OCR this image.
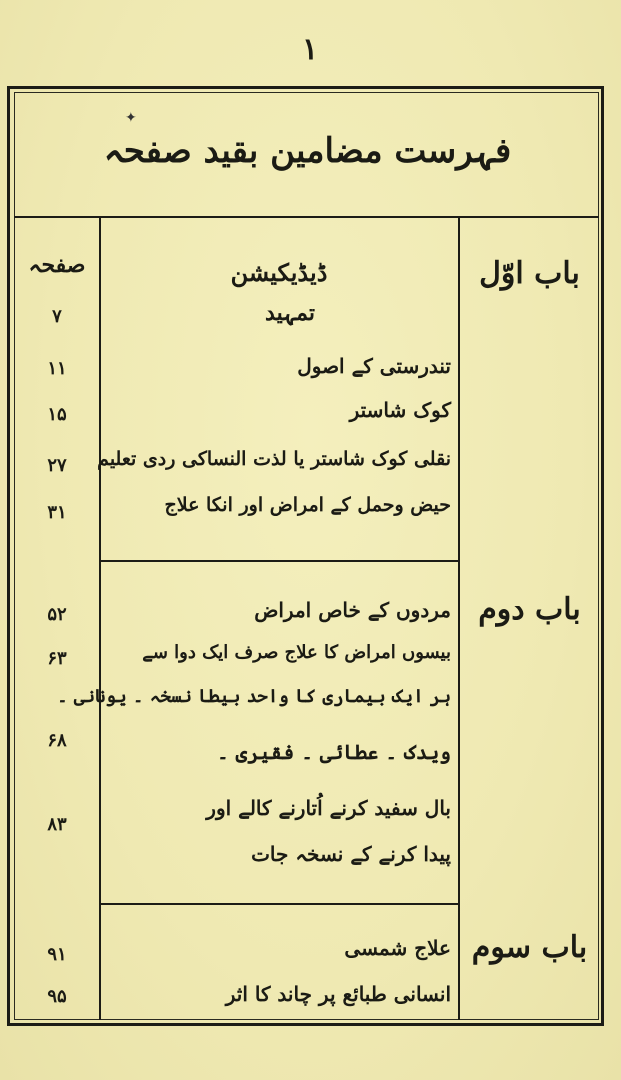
۱
✦
فہرست مضامین بقید صفحہ
صفحہ	باب اوّل
ڈیڈیکیشن
تمہید
۷
تندرستی کے اصول
۱۱
کوک شاستر
۱۵
نقلی کوک شاستر یا لذت النساکی ردی تعلیم
۲۷
حیض وحمل کے امراض اور انکا علاج
۳۱
باب دوم
مردوں کے خاص امراض
۵۲
بیسوں امراض کا علاج صرف ایک دوا سے
۶۳
ہر ایک بیماری کا واحد بیطا نسخہ ۔ یونانی ۔
ویدک ۔ عطائی ۔ فقیری ۔
۶۸
بال سفید کرنے اُتارنے کالے اور
پیدا کرنے کے نسخہ جات
۸۳
باب سوم
علاج شمسی
۹۱
انسانی طبائع پر چاند کا اثر
۹۵
